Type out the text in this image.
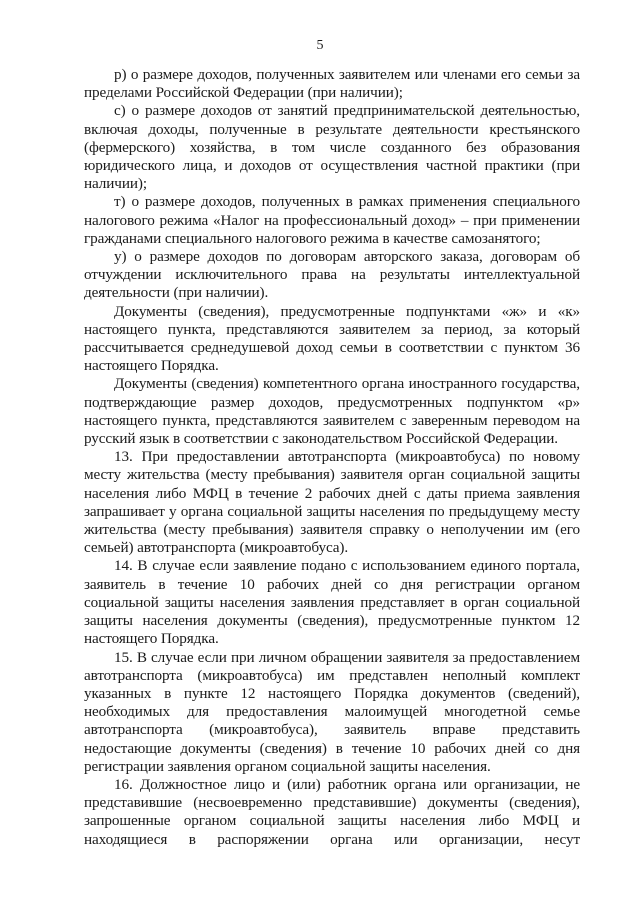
5

р) о размере доходов, полученных заявителем или членами его семьи за пределами Российской Федерации (при наличии);

с) о размере доходов от занятий предпринимательской деятельностью, включая доходы, полученные в результате деятельности крестьянского (фермерского) хозяйства, в том числе созданного без образования юридического лица, и доходов от осуществления частной практики (при наличии);

т) о размере доходов, полученных в рамках применения специального налогового режима «Налог на профессиональный доход» – при применении гражданами специального налогового режима в качестве самозанятого;

у) о размере доходов по договорам авторского заказа, договорам об отчуждении исключительного права на результаты интеллектуальной деятельности (при наличии).

Документы (сведения), предусмотренные подпунктами «ж» и «к» настоящего пункта, представляются заявителем за период, за который рассчитывается среднедушевой доход семьи в соответствии с пунктом 36 настоящего Порядка.

Документы (сведения) компетентного органа иностранного государства, подтверждающие размер доходов, предусмотренных подпунктом «р» настоящего пункта, представляются заявителем с заверенным переводом на русский язык в соответствии с законодательством Российской Федерации.

13. При предоставлении автотранспорта (микроавтобуса) по новому месту жительства (месту пребывания) заявителя орган социальной защиты населения либо МФЦ в течение 2 рабочих дней с даты приема заявления запрашивает у органа социальной защиты населения по предыдущему месту жительства (месту пребывания) заявителя справку о неполучении им (его семьей) автотранспорта (микроавтобуса).

14. В случае если заявление подано с использованием единого портала, заявитель в течение 10 рабочих дней со дня регистрации органом социальной защиты населения заявления представляет в орган социальной защиты населения документы (сведения), предусмотренные пунктом 12 настоящего Порядка.

15. В случае если при личном обращении заявителя за предоставлением автотранспорта (микроавтобуса) им представлен неполный комплект указанных в пункте 12 настоящего Порядка документов (сведений), необходимых для предоставления малоимущей многодетной семье автотранспорта (микроавтобуса), заявитель вправе представить недостающие документы (сведения) в течение 10 рабочих дней со дня регистрации заявления органом социальной защиты населения.

16. Должностное лицо и (или) работник органа или организации, не представившие (несвоевременно представившие) документы (сведения), запрошенные органом социальной защиты населения либо МФЦ и находящиеся в распоряжении органа или организации, несут
